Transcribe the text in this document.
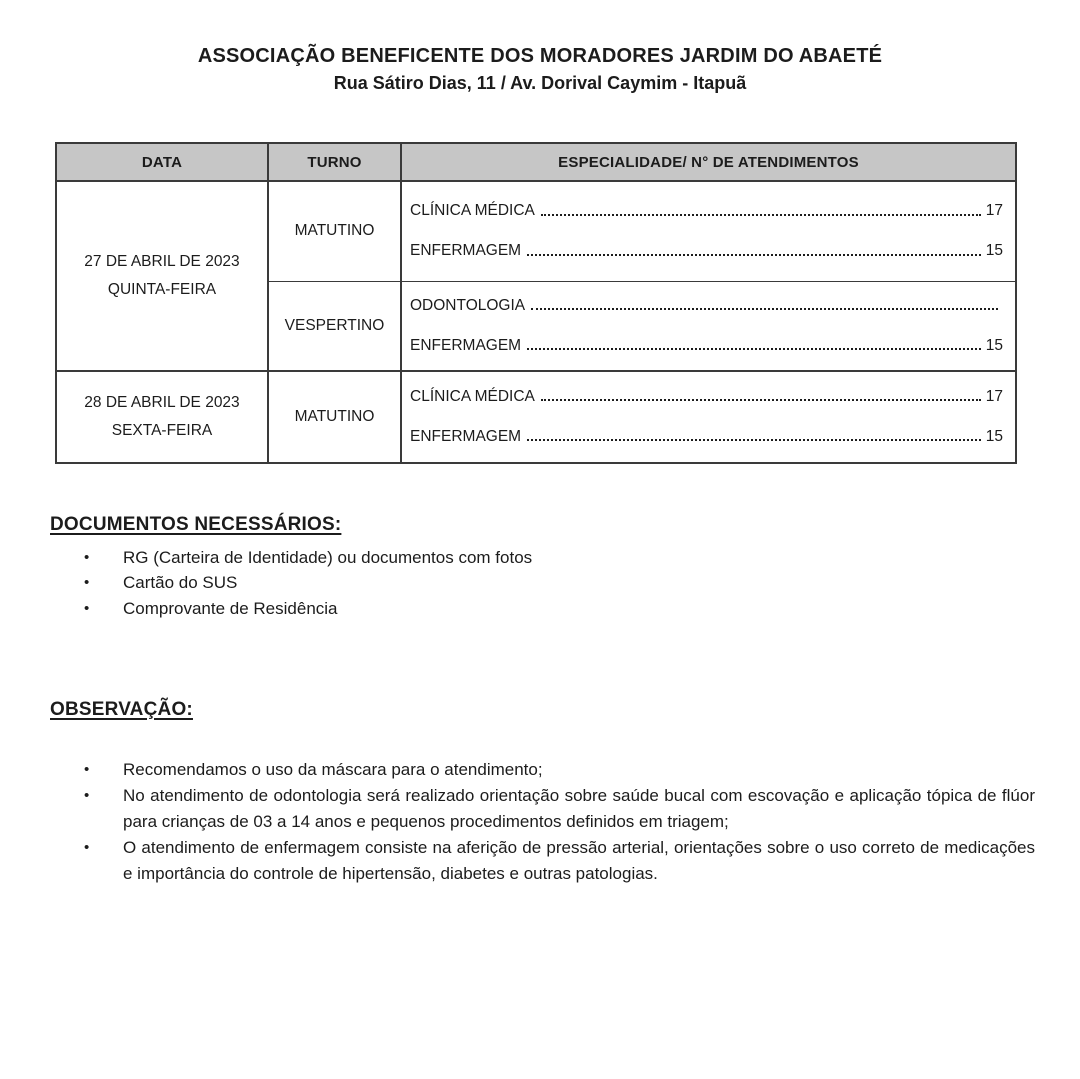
ASSOCIAÇÃO BENEFICENTE DOS MORADORES JARDIM DO ABAETÉ
Rua Sátiro Dias, 11 / Av. Dorival Caymim - Itapuã
DATA	TURNO	ESPECIALIDADE/ N° DE ATENDIMENTOS

27 DE ABRIL DE 2023
QUINTA-FEIRA
	MATUTINO	
CLÍNICA MÉDICA	17
ENFERMAGEM	15

	VESPERTINO	ODONTOLOGIA
ENFERMAGEM 15

28 DE ABRIL DE 2023
SEXTA-FEIRA
	MATUTINO	
CLÍNICA MÉDICA	17
ENFERMAGEM	15
DOCUMENTOS NECESSÁRIOS:
•	RG (Carteira de Identidade) ou documentos com fotos
•	Cartão do SUS
•	Comprovante de Residência
OBSERVAÇÃO:
•	Recomendamos o uso da máscara para o atendimento;
•	No atendimento de odontologia será realizado orientação sobre saúde bucal com escovação e aplicação tópica de flúor para crianças de 03 a 14 anos e pequenos procedimentos definidos em triagem;
•	O atendimento de enfermagem consiste na aferição de pressão arterial, orientações sobre o uso correto de medicações e importância do controle de hipertensão, diabetes e outras patologias.
